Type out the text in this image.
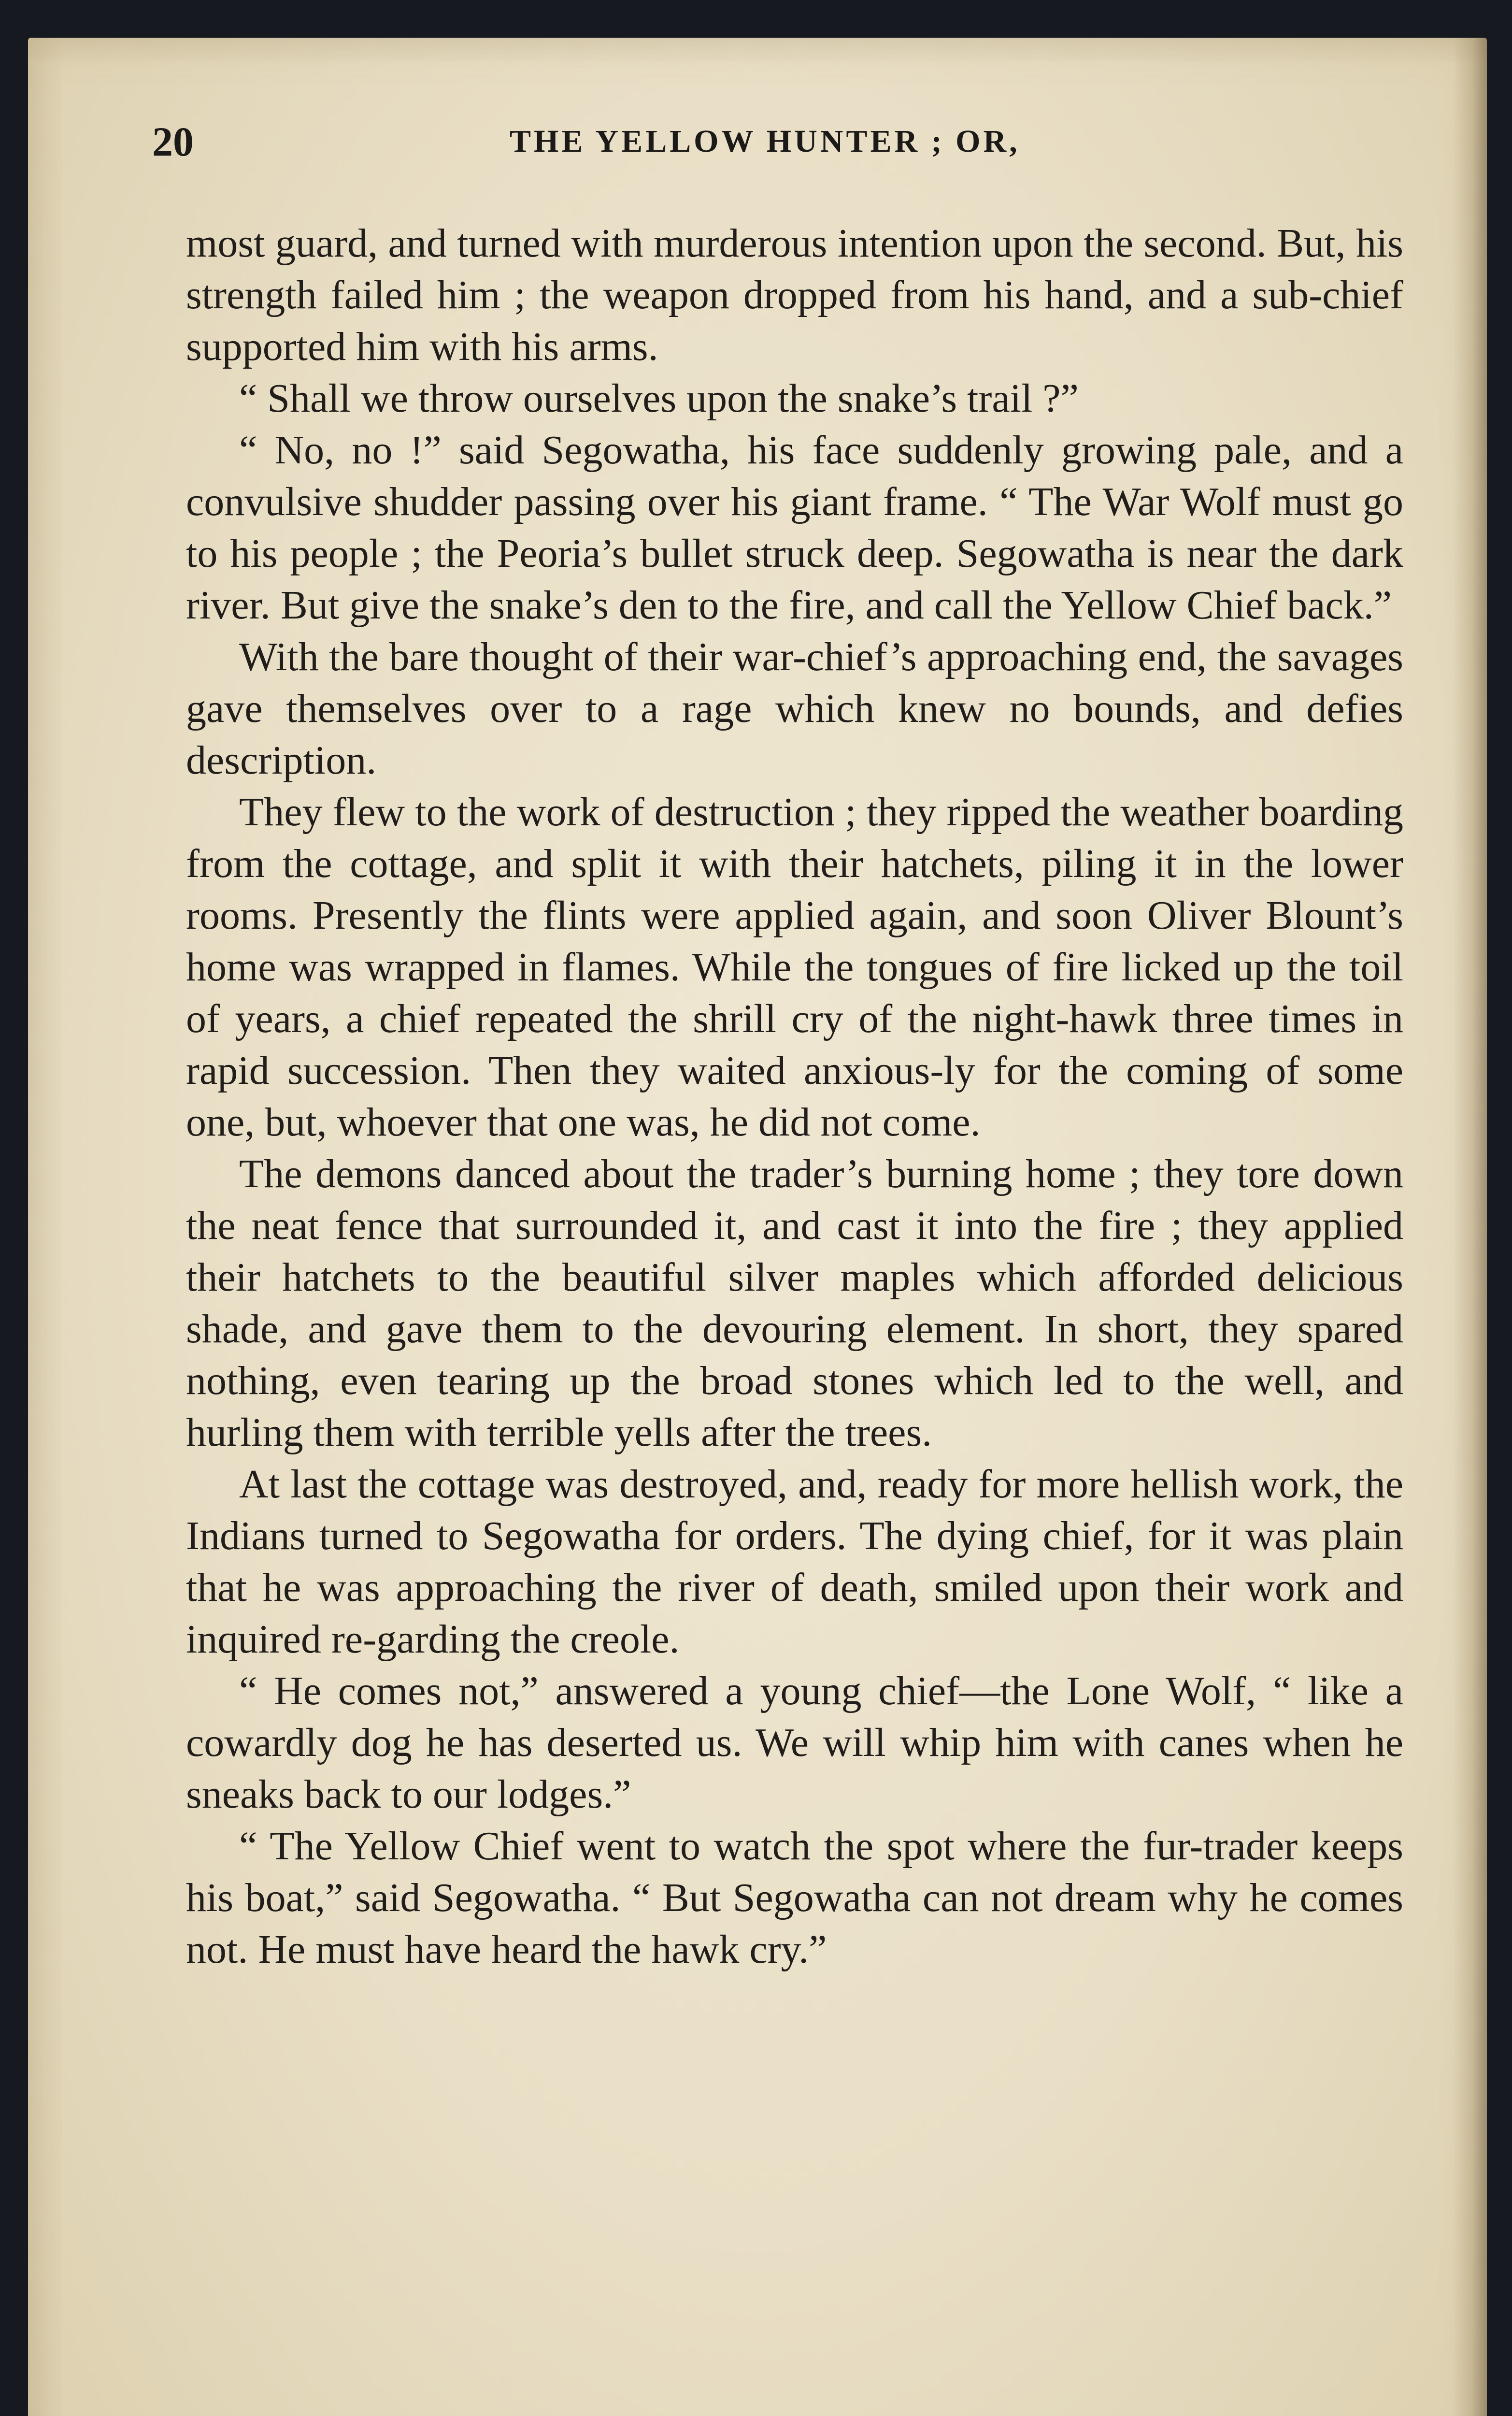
20	THE YELLOW HUNTER ; OR,

most guard, and turned with murderous intention upon the second. But, his strength failed him ; the weapon dropped from his hand, and a sub-chief supported him with his arms.

“ Shall we throw ourselves upon the snake’s trail ?”

“ No, no !” said Segowatha, his face suddenly growing pale, and a convulsive shudder passing over his giant frame. “ The War Wolf must go to his people ; the Peoria’s bullet struck deep. Segowatha is near the dark river. But give the snake’s den to the fire, and call the Yellow Chief back.”

With the bare thought of their war-chief’s approaching end, the savages gave themselves over to a rage which knew no bounds, and defies description.

They flew to the work of destruction ; they ripped the weather boarding from the cottage, and split it with their hatchets, piling it in the lower rooms. Presently the flints were applied again, and soon Oliver Blount’s home was wrapped in flames. While the tongues of fire licked up the toil of years, a chief repeated the shrill cry of the night-hawk three times in rapid succession. Then they waited anxious-ly for the coming of some one, but, whoever that one was, he did not come.

The demons danced about the trader’s burning home ; they tore down the neat fence that surrounded it, and cast it into the fire ; they applied their hatchets to the beautiful silver maples which afforded delicious shade, and gave them to the devouring element. In short, they spared nothing, even tearing up the broad stones which led to the well, and hurling them with terrible yells after the trees.

At last the cottage was destroyed, and, ready for more hellish work, the Indians turned to Segowatha for orders. The dying chief, for it was plain that he was approaching the river of death, smiled upon their work and inquired re-garding the creole.

“ He comes not,” answered a young chief—the Lone Wolf, “ like a cowardly dog he has deserted us. We will whip him with canes when he sneaks back to our lodges.”

“ The Yellow Chief went to watch the spot where the fur-trader keeps his boat,” said Segowatha. “ But Segowatha can not dream why he comes not. He must have heard the hawk cry.”
